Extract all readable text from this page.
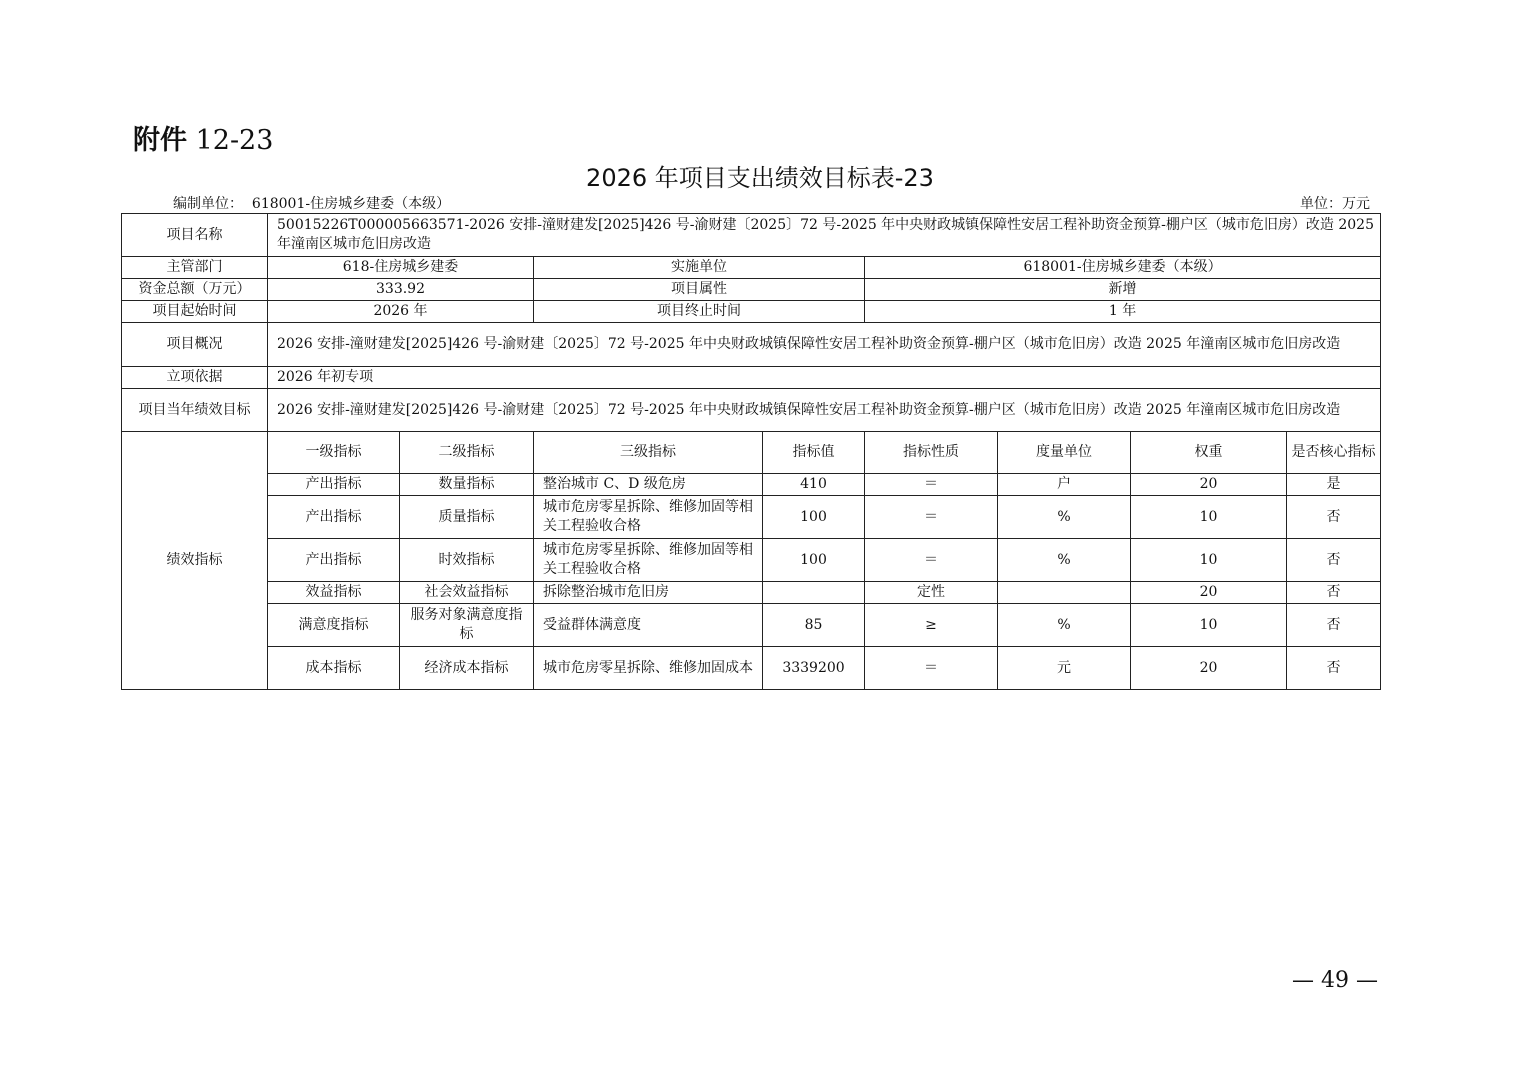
附件 12-23
2026 年项目支出绩效目标表-23
编制单位： 618001-住房城乡建委（本级）	单位：万元
项目名称	50015226T000005663571-2026 安排-潼财建发[2025]426 号-渝财建〔2025〕72 号-2025 年中央财政城镇保障性安居工程补助资金预算-棚户区（城市危旧房）改造 2025 年潼南区城市危旧房改造							
主管部门	618-住房城乡建委		实施单位		618001-住房城乡建委（本级）			
资金总额（万元）	333.92		项目属性		新增			
项目起始时间	2026 年		项目终止时间		1 年			
项目概况	2026 安排-潼财建发[2025]426 号-渝财建〔2025〕72 号-2025 年中央财政城镇保障性安居工程补助资金预算-棚户区（城市危旧房）改造 2025 年潼南区城市危旧房改造							
立项依据	2026 年初专项							
项目当年绩效目标	2026 安排-潼财建发[2025]426 号-渝财建〔2025〕72 号-2025 年中央财政城镇保障性安居工程补助资金预算-棚户区（城市危旧房）改造 2025 年潼南区城市危旧房改造							
绩效指标	一级指标	二级指标	三级指标	指标值	指标性质	度量单位	权重	是否核心指标
	产出指标	数量指标	整治城市 C、D 级危房	410	＝	户	20	是
	产出指标	质量指标	城市危房零星拆除、维修加固等相关工程验收合格	100	＝	%	10	否
	产出指标	时效指标	城市危房零星拆除、维修加固等相关工程验收合格	100	＝	%	10	否
	效益指标	社会效益指标	拆除整治城市危旧房		定性		20	否
	满意度指标	服务对象满意度指标	受益群体满意度	85	≥	%	10	否
	成本指标	经济成本指标	城市危房零星拆除、维修加固成本	3339200	＝	元	20	否
— 49 —
